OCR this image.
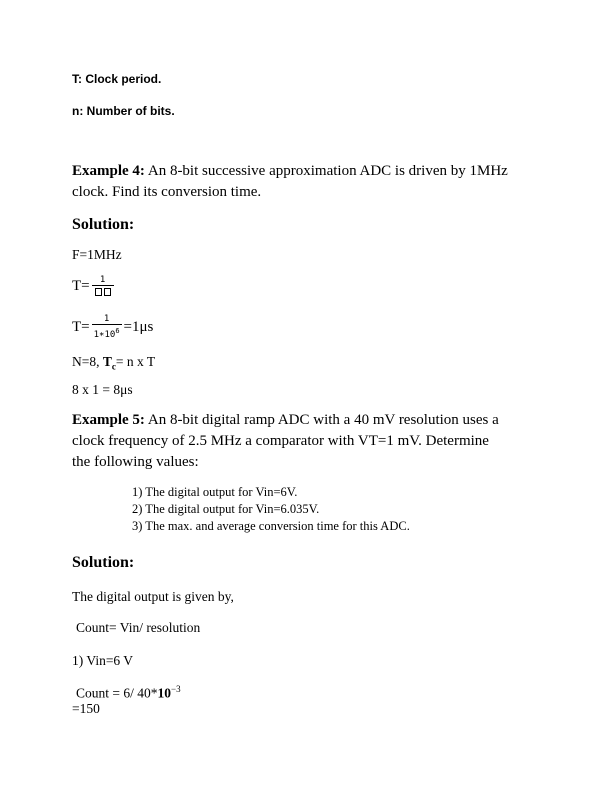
T: Clock period.
n: Number of bits.
Example 4: An 8-bit successive approximation ADC is driven by 1MHz
clock. Find its conversion time.
Solution:
F=1MHz
T=	1
$T= \frac{1}{1∗10^6} =1\mu s$
N=8, $T_c= n$ x T
8 x 1 = 8μs
Example 5: An 8-bit digital ramp ADC with a 40 mV resolution uses a
clock frequency of 2.5 MHz a comparator with VT=1 mV. Determine
the following values:
1) The digital output for Vin=6V.
2) The digital output for Vin=6.035V.
3) The max. and average conversion time for this ADC.
Solution:
The digital output is given by,
Count= Vin/ resolution
1) Vin=6 V
Count = 6/ $40*10^{-3}$
=150
